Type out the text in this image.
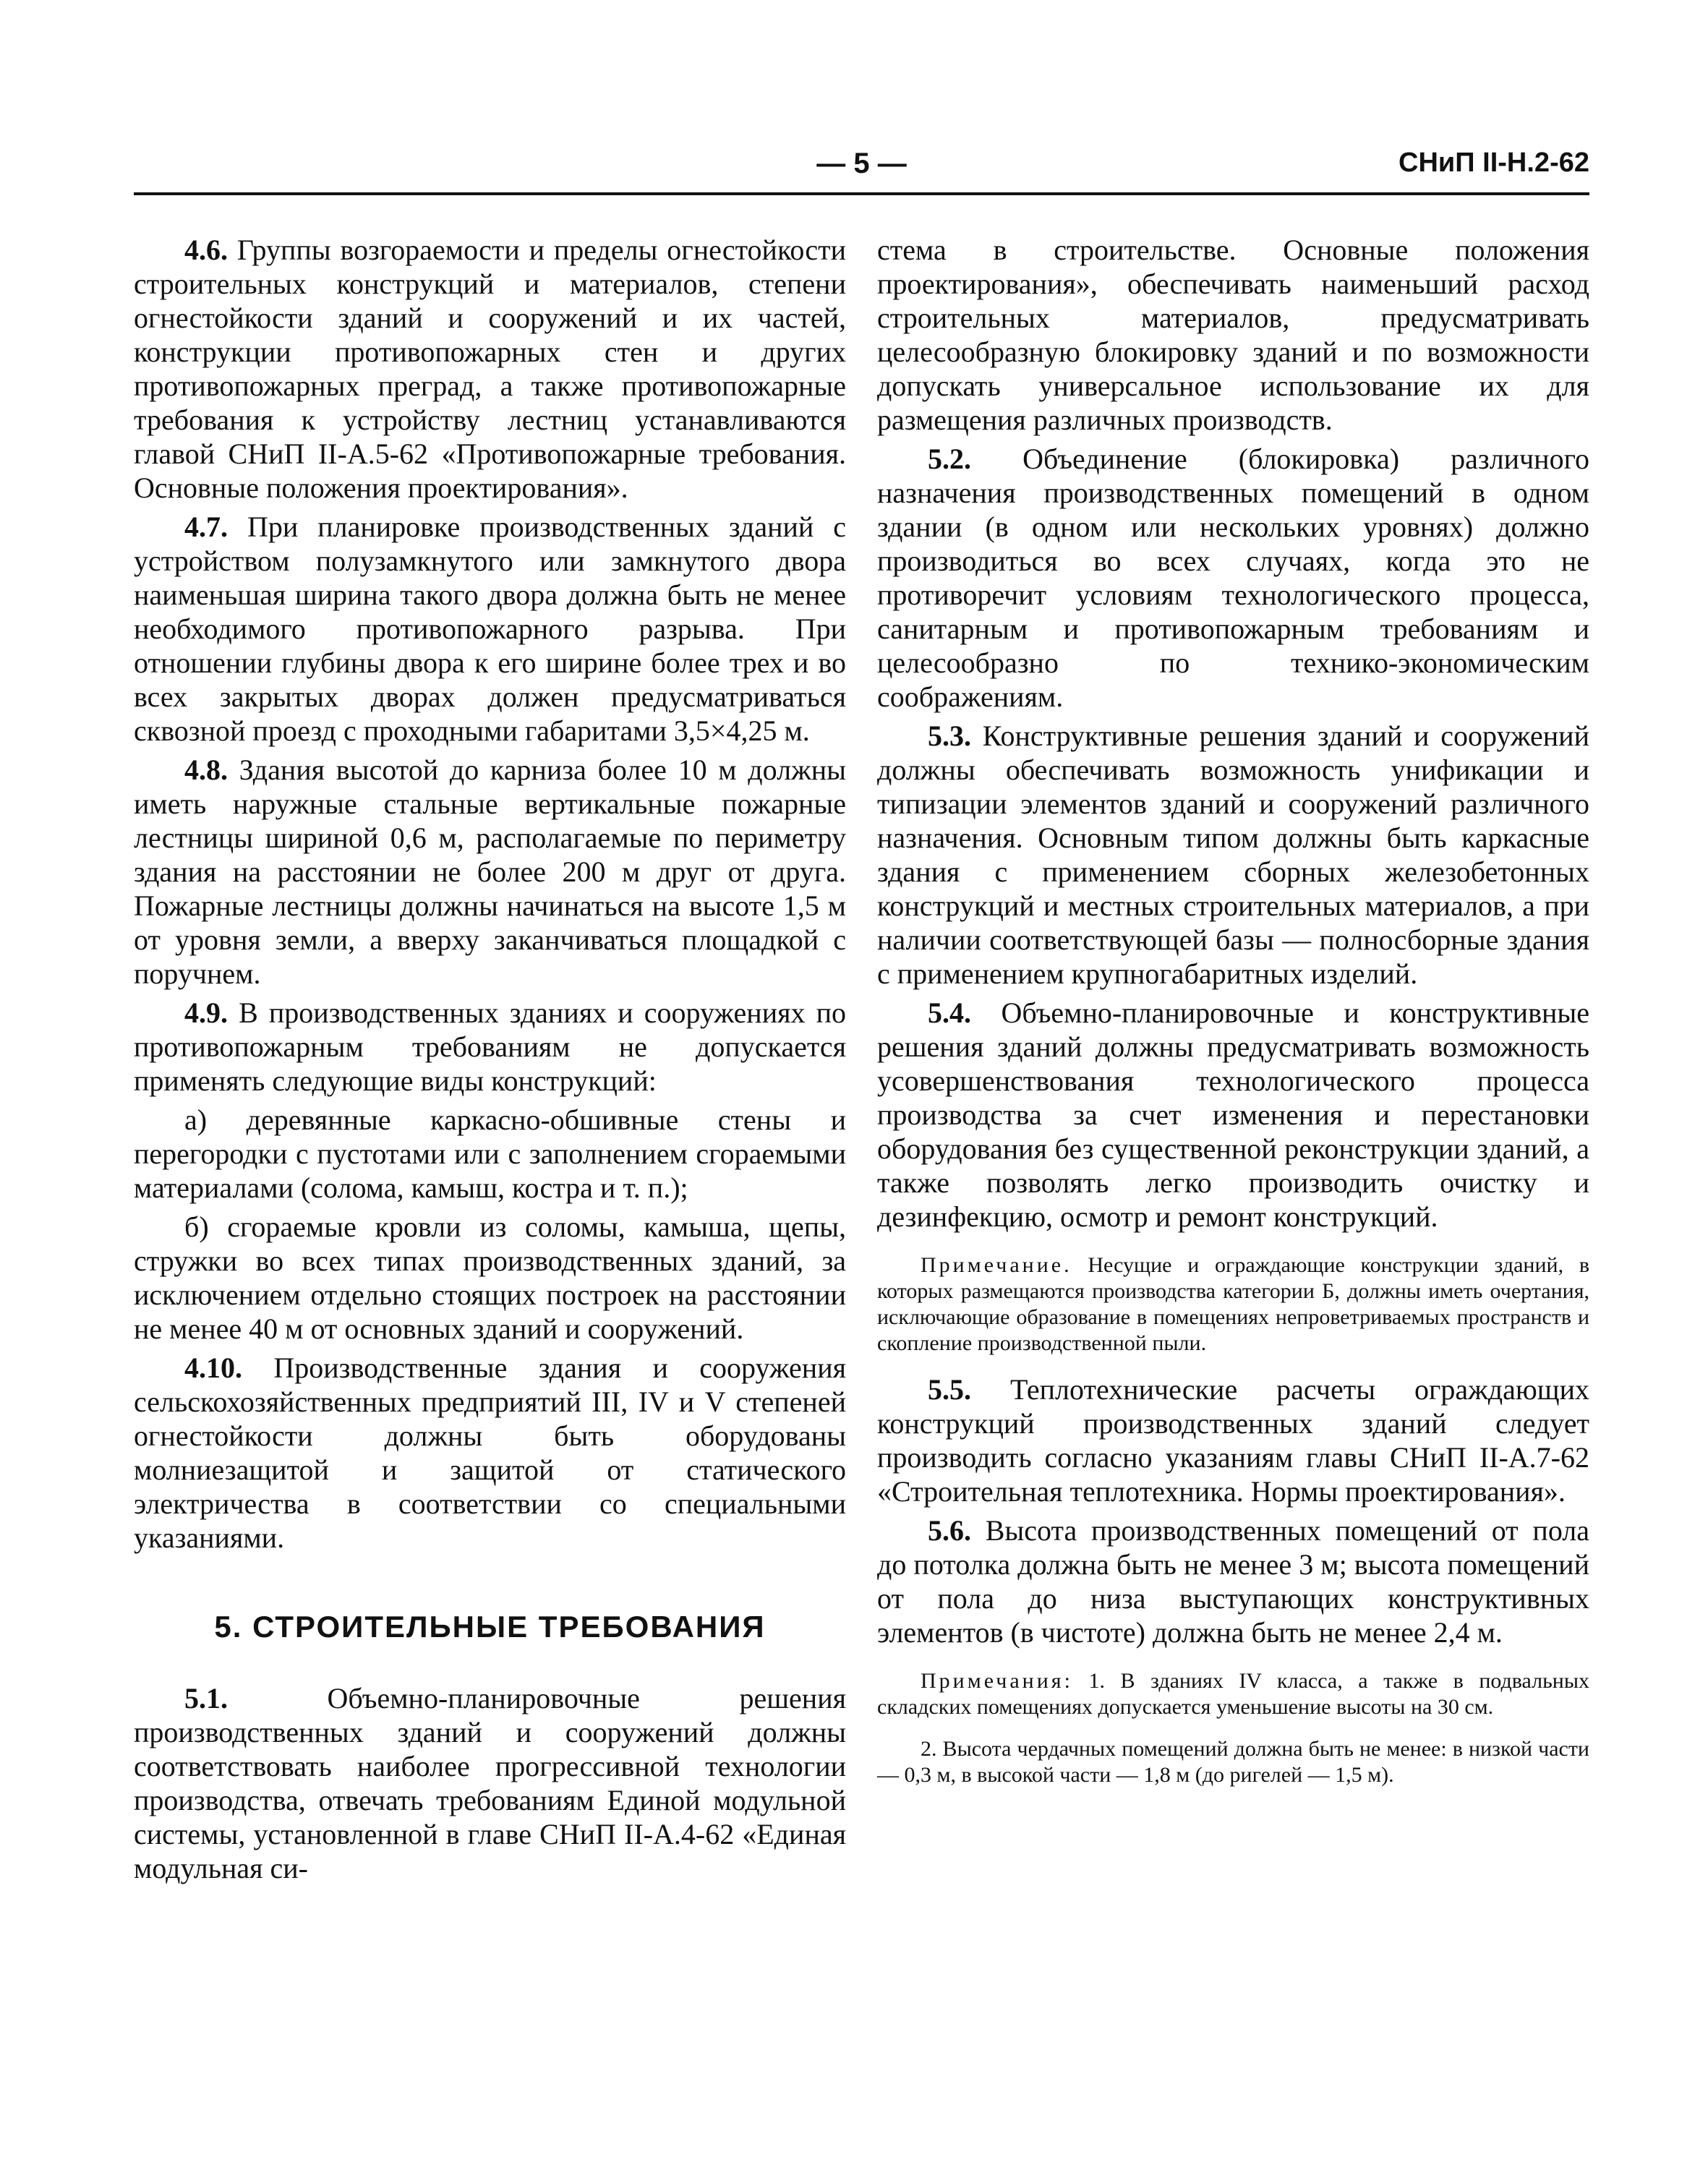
— 5 —	СНиП II-Н.2-62

4.6. Группы возгораемости и пределы огнестойкости строительных конструкций и материалов, степени огнестойкости зданий и сооружений и их частей, конструкции противопожарных стен и других противопожарных преград, а также противопожарные требования к устройству лестниц устанавливаются главой СНиП II-А.5-62 «Противопожарные требования. Основные положения проектирования».

4.7. При планировке производственных зданий с устройством полузамкнутого или замкнутого двора наименьшая ширина такого двора должна быть не менее необходимого противопожарного разрыва. При отношении глубины двора к его ширине более трех и во всех закрытых дворах должен предусматриваться сквозной проезд с проходными габаритами 3,5×4,25 м.

4.8. Здания высотой до карниза более 10 м должны иметь наружные стальные вертикальные пожарные лестницы шириной 0,6 м, располагаемые по периметру здания на расстоянии не более 200 м друг от друга. Пожарные лестницы должны начинаться на высоте 1,5 м от уровня земли, а вверху заканчиваться площадкой с поручнем.

4.9. В производственных зданиях и сооружениях по противопожарным требованиям не допускается применять следующие виды конструкций:

а) деревянные каркасно-обшивные стены и перегородки с пустотами или с заполнением сгораемыми материалами (солома, камыш, костра и т. п.);

б) сгораемые кровли из соломы, камыша, щепы, стружки во всех типах производственных зданий, за исключением отдельно стоящих построек на расстоянии не менее 40 м от основных зданий и сооружений.

4.10. Производственные здания и сооружения сельскохозяйственных предприятий III, IV и V степеней огнестойкости должны быть оборудованы молниезащитой и защитой от статического электричества в соответствии со специальными указаниями.

5. СТРОИТЕЛЬНЫЕ ТРЕБОВАНИЯ

5.1.	Объемно-планировочные решения производственных зданий и сооружений должны соответствовать наиболее прогрессивной технологии производства, отвечать требованиям Единой модульной системы, установленной в главе СНиП II-А.4-62 «Единая модульная си-

стема в строительстве. Основные положения проектирования», обеспечивать наименьший расход строительных материалов, предусматривать целесообразную блокировку зданий и по возможности допускать универсальное использование их для размещения различных производств.

5.2. Объединение (блокировка) различного назначения производственных помещений в одном здании (в одном или нескольких уровнях) должно производиться во всех случаях, когда это не противоречит условиям технологического процесса, санитарным и противопожарным требованиям и целесообразно по технико-экономическим соображениям.

5.3. Конструктивные решения зданий и сооружений должны обеспечивать возможность унификации и типизации элементов зданий и сооружений различного назначения. Основным типом должны быть каркасные здания с применением сборных железобетонных конструкций и местных строительных материалов, а при наличии соответствующей базы — полносборные здания с применением крупногабаритных изделий.

5.4. Объемно-планировочные и конструктивные решения зданий должны предусматривать возможность усовершенствования технологического процесса производства за счет изменения и перестановки оборудования без существенной реконструкции зданий, а также позволять легко производить очистку и дезинфекцию, осмотр и ремонт конструкций.

Примечание. Несущие и ограждающие конструкции зданий, в которых размещаются производства категории Б, должны иметь очертания, исключающие образование в помещениях непроветриваемых пространств и скопление производственной пыли.

5.5. Теплотехнические расчеты ограждающих конструкций производственных зданий следует производить согласно указаниям главы СНиП II-А.7-62 «Строительная теплотехника. Нормы проектирования».

5.6. Высота производственных помещений от пола до потолка должна быть не менее 3 м; высота помещений от пола до низа выступающих конструктивных элементов (в чистоте) должна быть не менее 2,4 м.

Примечания: 1. В зданиях IV класса, а также в подвальных складских помещениях допускается уменьшение высоты на 30 см.

2. Высота чердачных помещений должна быть не менее: в низкой части — 0,3 м, в высокой части — 1,8 м (до ригелей — 1,5 м).
